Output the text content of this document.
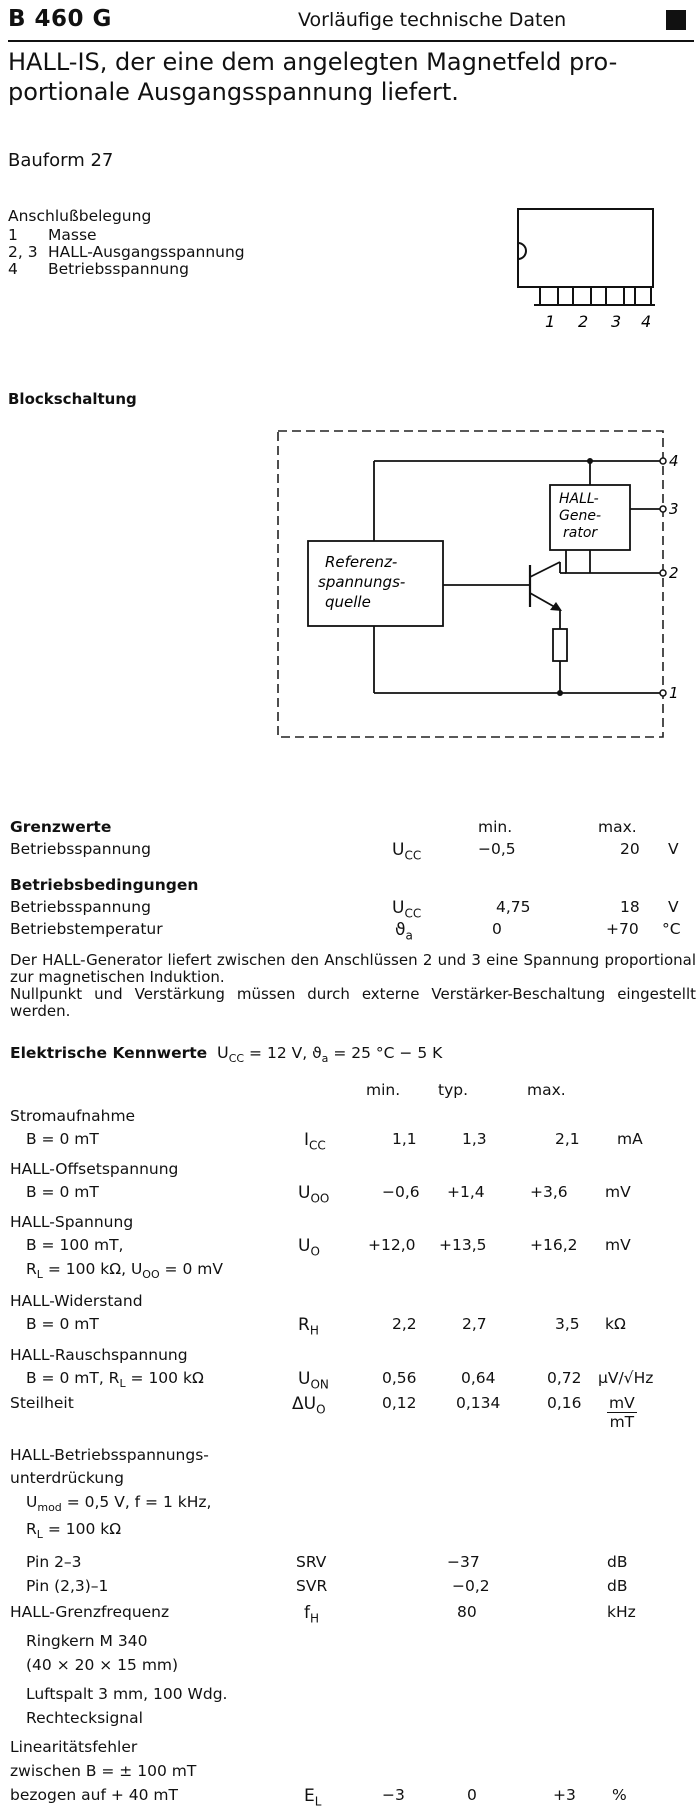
B 460 G	Vorläufige technische Daten
HALL-IS, der eine dem angelegten Magnetfeld pro-
portionale Ausgangsspannung liefert.
Bauform 27
Anschlußbelegung
1 Masse
2, 3 HALL-Ausgangsspannung
4 Betriebsspannung
1 2 3 4
Blockschaltung
HALL-
Gene-
rator
Referenz-
spannungs-
quelle
4
3
2
1
Grenzwerte	min.	max.
Betriebsspannung	$U_{CC}$	−0,5	20 V
Betriebsbedingungen
Betriebsspannung	$U_{CC}$	4,75	18 V
Betriebstemperatur	$ϑ_a$	0	+70 °C
Der HALL-Generator liefert zwischen den Anschlüssen 2 und 3 eine Spannung proportional zur magnetischen Induktion.
Nullpunkt und Verstärkung müssen durch externe Verstärker-Beschaltung eingestellt werden.
Elektrische Kennwerte $U_{CC} = 12$ V, $ϑ_a = 25$ °C − 5 K
min. typ.	max.
Stromaufnahme
B = 0 mT	$I_{CC}$	1,1	1,3	2,1 mA
HALL-Offsetspannung
B = 0 mT	$U_{OO}$	−0,6 +1,4	+3,6 mV
HALL-Spannung
B = 100 mT,	$U_O$	+12,0 +13,5	+16,2 mV
$R_L = 100$ kΩ, $U_{OO} = 0$ mV
HALL-Widerstand
B = 0 mT	$R_H$	2,2	2,7	3,5 kΩ
HALL-Rauschspannung
B = 0 mT, $R_L = 100$ kΩ	$U_{ON}$	0,56	0,64	0,72 µV/√Hz
Steilheit	$\Delta U_O$	0,12	0,134	0,16 mV
mT
HALL-Betriebsspannungs-
unterdrückung
$U_{mod} = 0,5$ V, f = 1 kHz,
$R_L = 100$ kΩ
Pin 2–3	SRV	−37	dB
Pin (2,3)–1	SVR	−0,2	dB
HALL-Grenzfrequenz	$f_H$	80	kHz
Ringkern M 340
(40 × 20 × 15 mm)
Luftspalt 3 mm, 100 Wdg.
Rechtecksignal
Linearitätsfehler
zwischen B = ± 100 mT
bezogen auf + 40 mT	$E_L$	−3	0	+3 %
